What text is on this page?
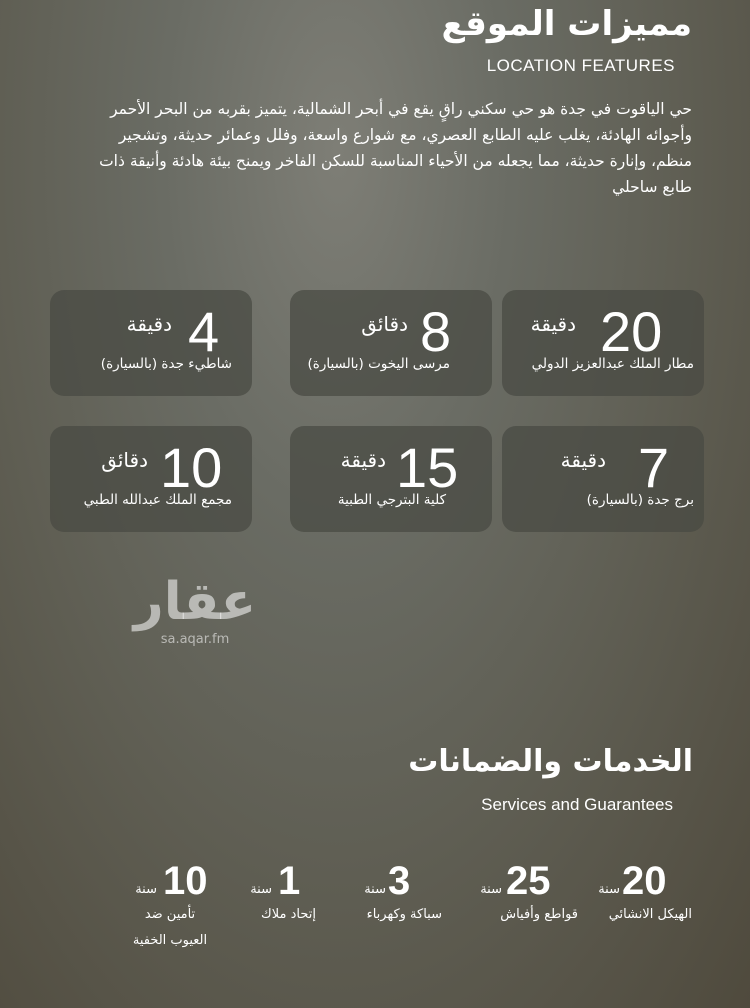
مميزات الموقع
LOCATION FEATURES

حي الياقوت في جدة هو حي سكني راقٍ يقع في أبحر الشمالية، يتميز بقربه من البحر الأحمر وأجوائه الهادئة، يغلب عليه الطابع العصري، مع شوارع واسعة، وفلل وعمائر حديثة، وتشجير منظم، وإنارة حديثة، مما يجعله من الأحياء المناسبة للسكن الفاخر ويمنح بيئة هادئة وأنيقة ذات طابع ساحلي

20
دقيقة
مطار الملك عبدالعزيز الدولي
8
دقائق
مرسى اليخوت (بالسيارة)
4
دقيقة
شاطيء جدة (بالسيارة)
7
دقيقة
برج جدة (بالسيارة)
15
دقيقة
كلية البترجي الطبية
10
دقائق
مجمع الملك عبدالله الطبي
عقار
sa.aqar.fm
الخدمات والضمانات
Services and Guarantees
20
سنة
الهيكل الانشائي
25
سنة
قواطع وأفياش
3
سنة
سباكة وكهرباء
1
سنة
إتحاد ملاك
10
سنة
تأمين ضد العيوب الخفية
